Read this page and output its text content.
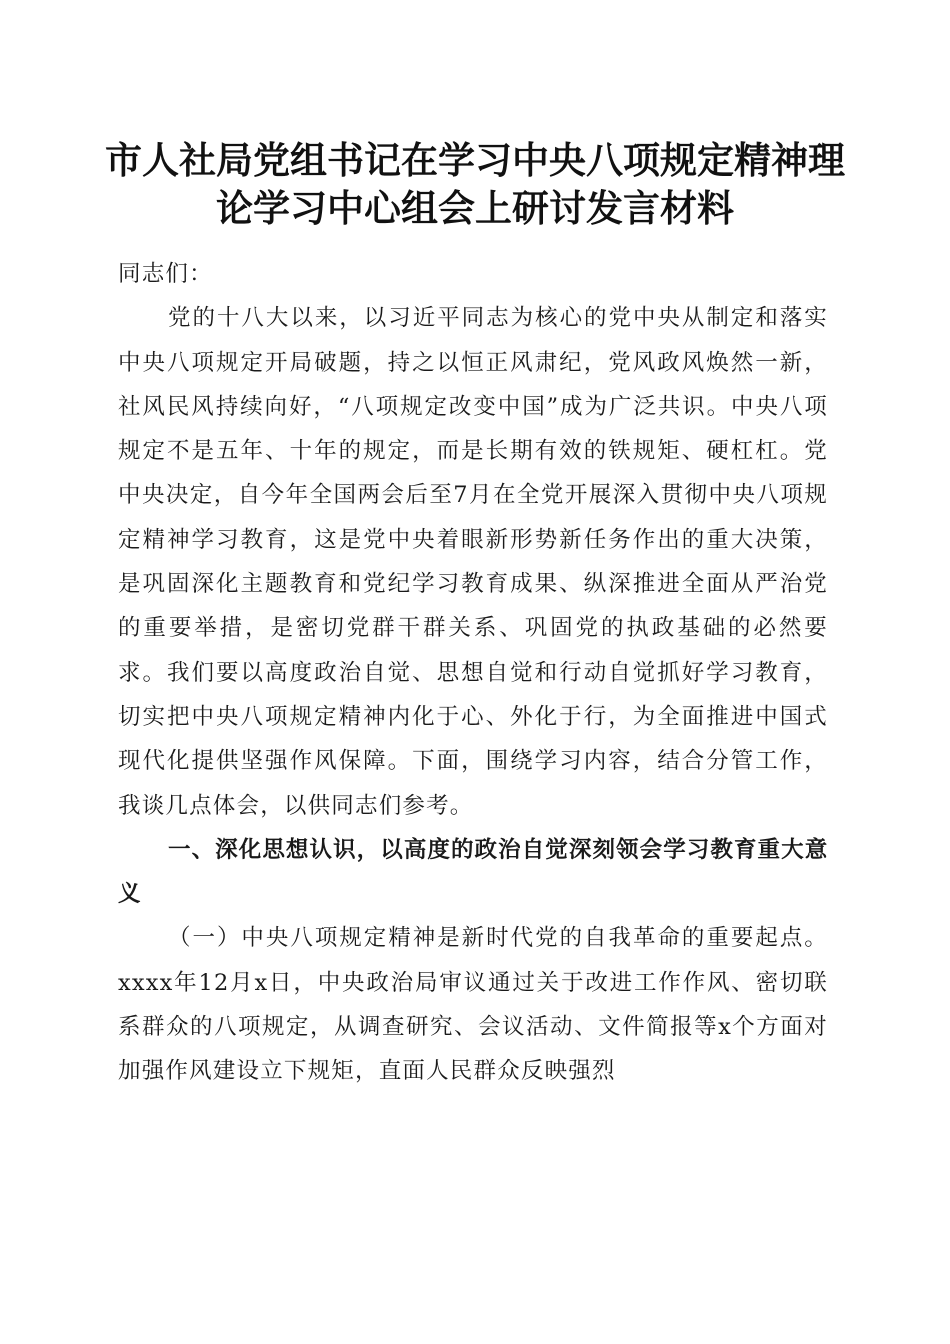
市人社局党组书记在学习中央八项规定精神理
论学习中心组会上研讨发言材料

同志们：

党的十八大以来，以习近平同志为核心的党中央从制定和落实中央八项规定开局破题，持之以恒正风肃纪，党风政风焕然一新，社风民风持续向好，“八项规定改变中国”成为广泛共识。中央八项规定不是五年、十年的规定，而是长期有效的铁规矩、硬杠杠。党中央决定，自今年全国两会后至7月在全党开展深入贯彻中央八项规定精神学习教育，这是党中央着眼新形势新任务作出的重大决策，是巩固深化主题教育和党纪学习教育成果、纵深推进全面从严治党的重要举措，是密切党群干群关系、巩固党的执政基础的必然要求。我们要以高度政治自觉、思想自觉和行动自觉抓好学习教育，切实把中央八项规定精神内化于心、外化于行，为全面推进中国式现代化提供坚强作风保障。下面，围绕学习内容，结合分管工作，我谈几点体会，以供同志们参考。

一、深化思想认识，以高度的政治自觉深刻领会学习教育重大意义

（一）中央八项规定精神是新时代党的自我革命的重要起点。xxxx年12月x日，中央政治局审议通过关于改进工作作风、密切联系群众的八项规定，从调查研究、会议活动、文件简报等x个方面对加强作风建设立下规矩，直面人民群众反映强烈
